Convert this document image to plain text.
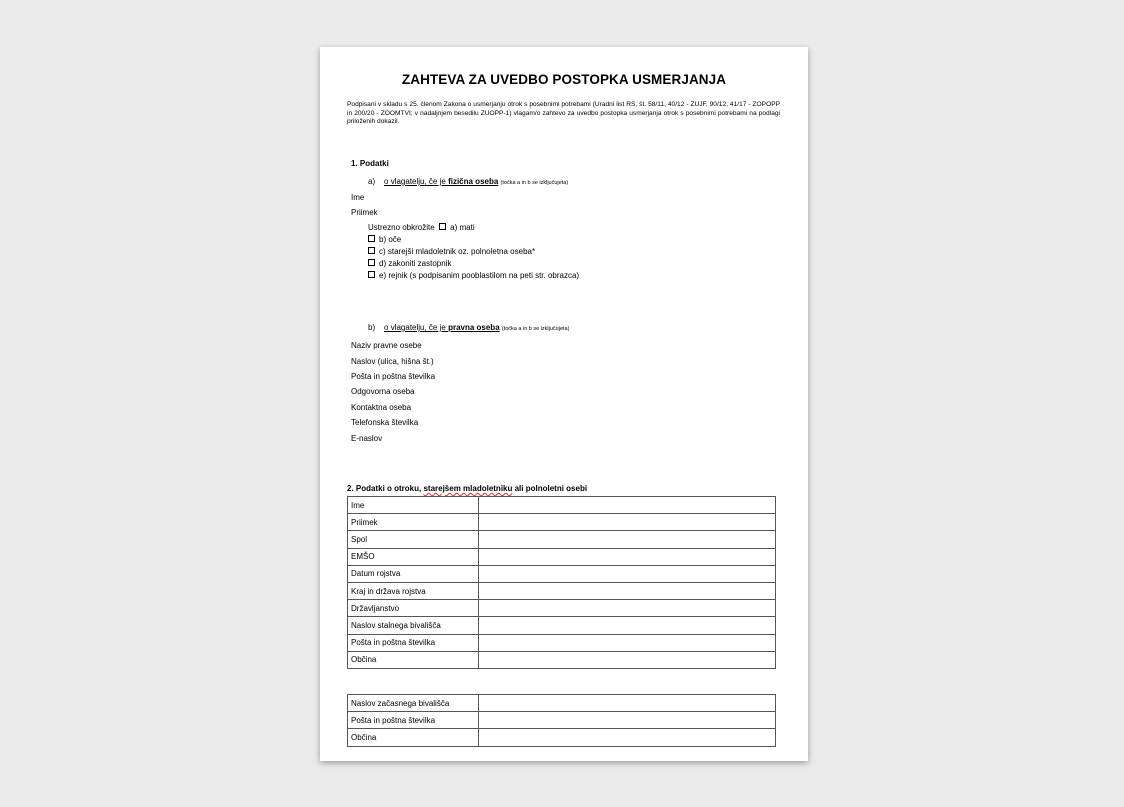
ZAHTEVA ZA UVEDBO POSTOPKA USMERJANJA
Podpisani v skladu s 25. členom Zakona o usmerjanju otrok s posebnimi potrebami (Uradni list RS, št. 58/11, 40/12 - ZUJF, 90/12, 41/17 - ZOPOPP in 200/20 - ZOOMTVI; v nadaljnjem besedilu ZUOPP-1) vlagam/o zahtevo za uvedbo postopka usmerjanja otrok s posebnimi potrebami na podlagi priloženih dokazil.
1. Podatki
a) o vlagatelju, če je fizična oseba (točka a in b se izključujeta)
Ime
Priimek
Ustrezno obkrožite a) mati
b) oče
c) starejši mladoletnik oz. polnoletna oseba*
d) zakoniti zastopnik
e) rejnik (s podpisanim pooblastilom na peti str. obrazca)
b) o vlagatelju, če je pravna oseba (točka a in b se izključujeta)
Naziv pravne osebe
Naslov (ulica, hišna št.)
Pošta in poštna številka
Odgovorna oseba
Kontaktna oseba
Telefonska številka
E-naslov
2. Podatki o otroku, starejšem mladoletniku ali polnoletni osebi
Ime	
Priimek	
Spol	
EMŠO	
Datum rojstva	
Kraj in država rojstva	
Državljanstvo	
Naslov stalnega bivališča	
Pošta in poštna številka	
Občina	
Naslov začasnega bivališča	
Pošta in poštna številka	
Občina	
